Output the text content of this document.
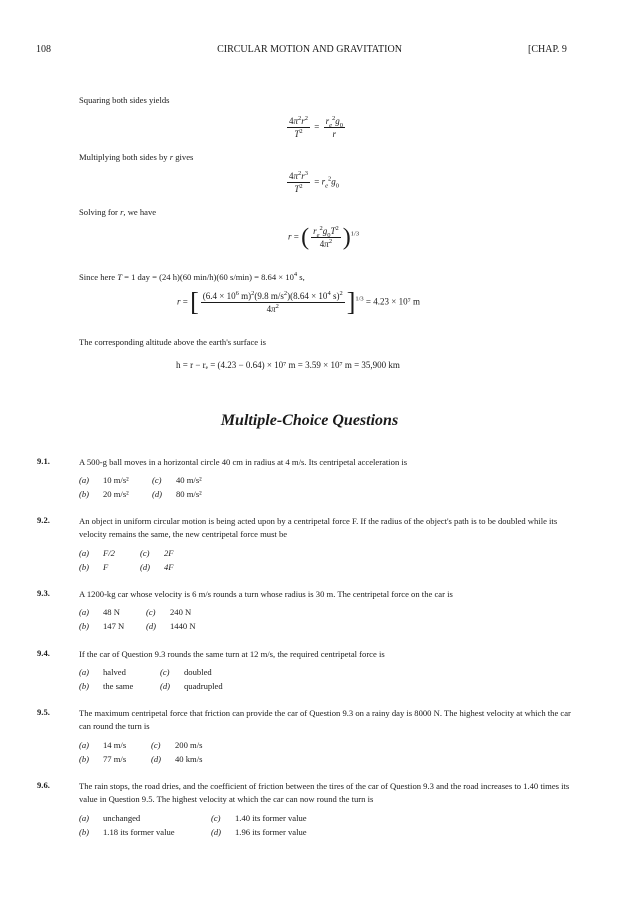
108	CIRCULAR MOTION AND GRAVITATION	[CHAP. 9
Squaring both sides yields
$\frac{4\pi^2r^2}{T^2} = \frac{r_e^2g_0}{r}$
Multiplying both sides by r gives
$\frac{4\pi^2r^3}{T^2} = r_e^2g_0$
Solving for r, we have
r = ( $\frac{r_e^2g_0T^2}{4\pi^2} )^{1/3}$
Since here T = 1 day = (24 h)(60 min/h)(60 $s/\min) = 8.64 \times 10^4$ s,
r = [ $\frac{(6.4 \times 10^6 m)^2(9.8 m/s^2)(8.64 \times 10^4 s)^2}{4\pi^2} ]^{1/3} = 4.23 \times 10^7$ m
The corresponding altitude above the earth's surface is
h = r − rₑ = (4.23 − 0.64) × 10⁷ m = 3.59 × 10⁷ m = 35,900 km
Multiple-Choice Questions
9.1.	A 500-g ball moves in a horizontal circle 40 cm in radius at 4 m/s. Its centripetal acceleration is
(a) 10 m/s²
(b) 20 m/s²
(c) 40 m/s²
(d) 80 m/s²
9.2.	An object in uniform circular motion is being acted upon by a centripetal force F. If the radius of the object's path is to be doubled while its velocity remains the same, the new centripetal force must be
(a) F/2
(b) F
(c) 2F
(d) 4F
9.3.	A 1200-kg car whose velocity is 6 m/s rounds a turn whose radius is 30 m. The centripetal force on the car is
(a) 48 N
(b) 147 N
(c) 240 N
(d) 1440 N
9.4.	If the car of Question 9.3 rounds the same turn at 12 m/s, the required centripetal force is
(a) halved
(b) the same
(c) doubled
(d) quadrupled
9.5.	The maximum centripetal force that friction can provide the car of Question 9.3 on a rainy day is 8000 N. The highest velocity at which the car can round the turn is
(a) 14 m/s
(b) 77 m/s
(c) 200 m/s
(d) 40 km/s
9.6.	The rain stops, the road dries, and the coefficient of friction between the tires of the car of Question 9.3 and the road increases to 1.40 times its value in Question 9.5. The highest velocity at which the car can now round the turn is
(a) unchanged
(b) 1.18 its former value
(c) 1.40 its former value
(d) 1.96 its former value
